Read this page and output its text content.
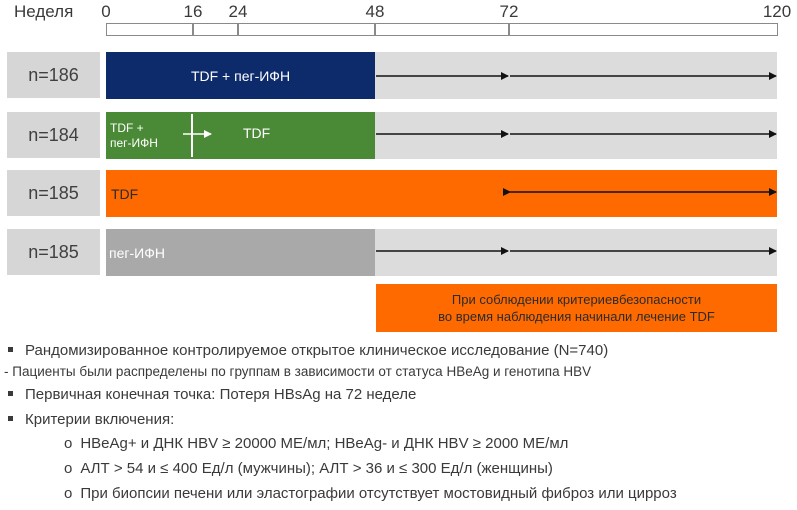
Неделя 0	16 24	48	72	120
n=186	TDF + пег-ИФН
n=184	TDF +
пег-ИФН
TDF
n=185	TDF
n=185	пег-ИФН
При соблюдении критериевбезопасности
во время наблюдения начинали лечение TDF
Рандомизированное контролируемое открытое клиническое исследование (N=740)
- Пациенты были распределены по группам в зависимости от статуса HBeAg и генотипа HBV
Первичная конечная точка: Потеря HBsAg на 72 неделе
Критерии включения:
o HBeAg+ и ДНК HBV ≥ 20000 МЕ/мл; HBeAg- и ДНК HBV ≥ 2000 МЕ/мл
o АЛТ > 54 и ≤ 400 Ед/л (мужчины); АЛТ > 36 и ≤ 300 Ед/л (женщины)
o При биопсии печени или эластографии отсутствует мостовидный фиброз или цирроз
